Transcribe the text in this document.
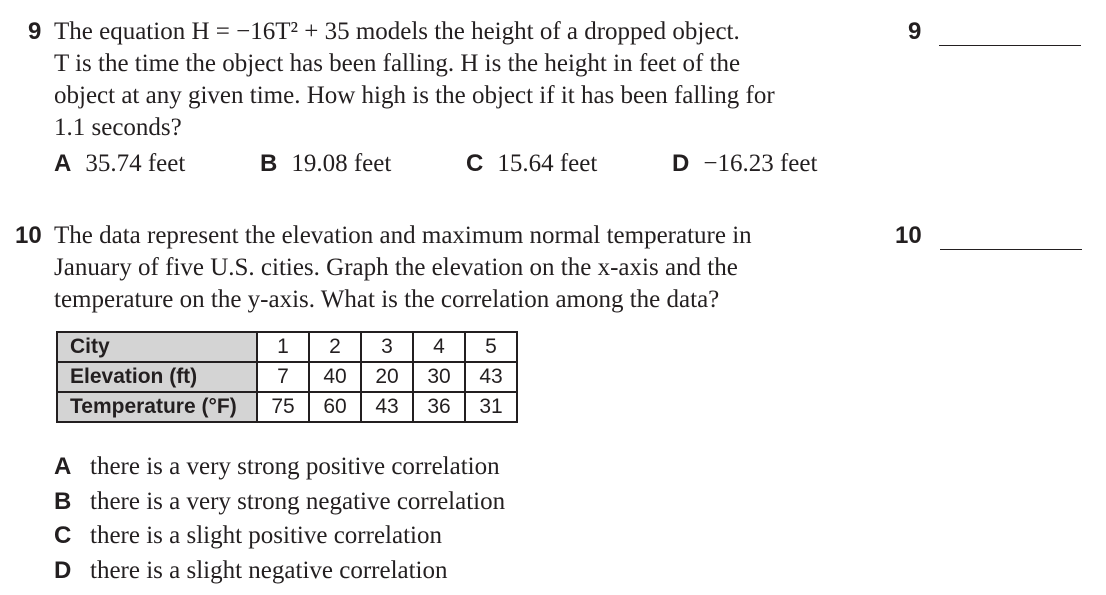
9 The equation H = −16T² + 35 models the height of a dropped object.

T is the time the object has been falling. H is the height in feet of the

object at any given time. How high is the object if it has been falling for

1.1 seconds?

A 35.74 feet	B 19.08 feet	C 15.64 feet	D −16.23 feet
9
10 The data represent the elevation and maximum normal temperature in

January of five U.S. cities. Graph the elevation on the x-axis and the

temperature on the y-axis. What is the correlation among the data?

10
City	1	2	3	4	5
Elevation (ft)	7	40	20	30	43
Temperature (°F)	75	60	43	36	31
A there is a very strong positive correlation
B there is a very strong negative correlation
C there is a slight positive correlation
D there is a slight negative correlation
